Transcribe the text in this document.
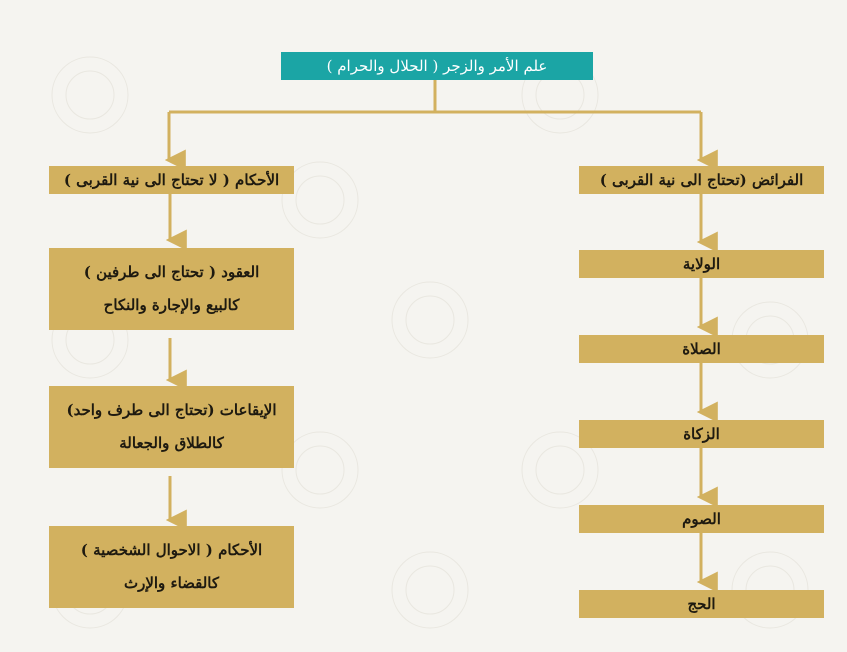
علم الأمر والزجر ( الحلال والحرام )
الأحكام ( لا تحتاج الى نية القربى )
العقود ( تحتاج الى طرفين )
كالبيع والإجارة والنكاح
الإيقاعات (تحتاج الى طرف واحد)
كالطلاق والجعالة
الأحكام ( الاحوال الشخصية )
كالقضاء والإرث
الفرائض (تحتاج الى نية القربى )
الولاية
الصلاة
الزكاة
الصوم
الحج
